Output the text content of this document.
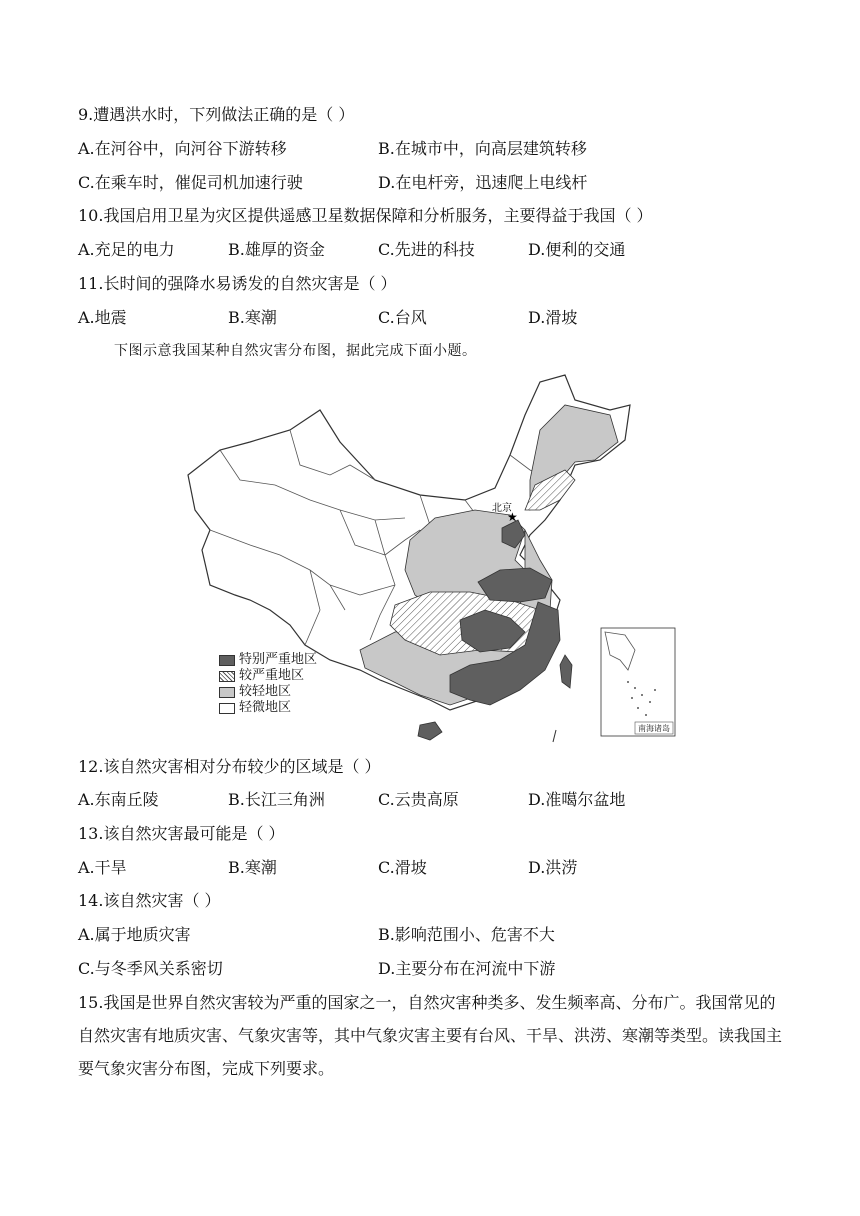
9.遭遇洪水时，下列做法正确的是（ ）
A.在河谷中，向河谷下游转移	B.在城市中，向高层建筑转移
C.在乘车时，催促司机加速行驶	D.在电杆旁，迅速爬上电线杆
10.我国启用卫星为灾区提供遥感卫星数据保障和分析服务，主要得益于我国（ ）
A.充足的电力	B.雄厚的资金	C.先进的科技	D.便利的交通
11.长时间的强降水易诱发的自然灾害是（ ）
A.地震	B.寒潮	C.台风	D.滑坡
下图示意我国某种自然灾害分布图，据此完成下面小题。
★
北京
南海诸岛
特别严重地区
较严重地区
较轻地区
轻微地区
12.该自然灾害相对分布较少的区域是（ ）
A.东南丘陵	B.长江三角洲	C.云贵高原	D.准噶尔盆地
13.该自然灾害最可能是（ ）
A.干旱	B.寒潮	C.滑坡	D.洪涝
14.该自然灾害（ ）
A.属于地质灾害	B.影响范围小、危害不大
C.与冬季风关系密切	D.主要分布在河流中下游
15.我国是世界自然灾害较为严重的国家之一，自然灾害种类多、发生频率高、分布广。我国常见的自然灾害有地质灾害、气象灾害等，其中气象灾害主要有台风、干旱、洪涝、寒潮等类型。读我国主要气象灾害分布图，完成下列要求。
